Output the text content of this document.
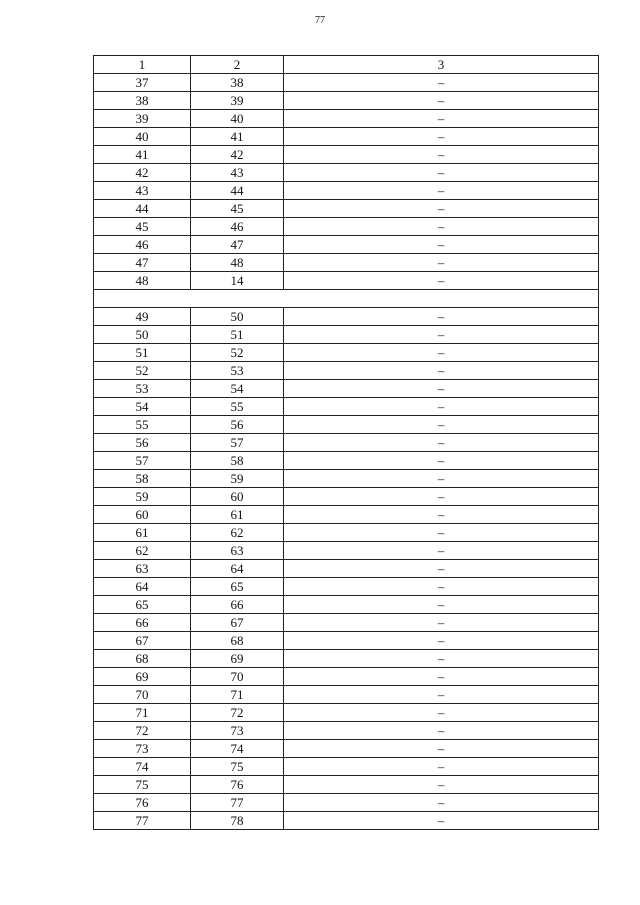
77
1	2	3
37	38	–
38	39	–
39	40	–
40	41	–
41	42	–
42	43	–
43	44	–
44	45	–
45	46	–
46	47	–
47	48	–
48	14	–

49	50	–
50	51	–
51	52	–
52	53	–
53	54	–
54	55	–
55	56	–
56	57	–
57	58	–
58	59	–
59	60	–
60	61	–
61	62	–
62	63	–
63	64	–
64	65	–
65	66	–
66	67	–
67	68	–
68	69	–
69	70	–
70	71	–
71	72	–
72	73	–
73	74	–
74	75	–
75	76	–
76	77	–
77	78	–
